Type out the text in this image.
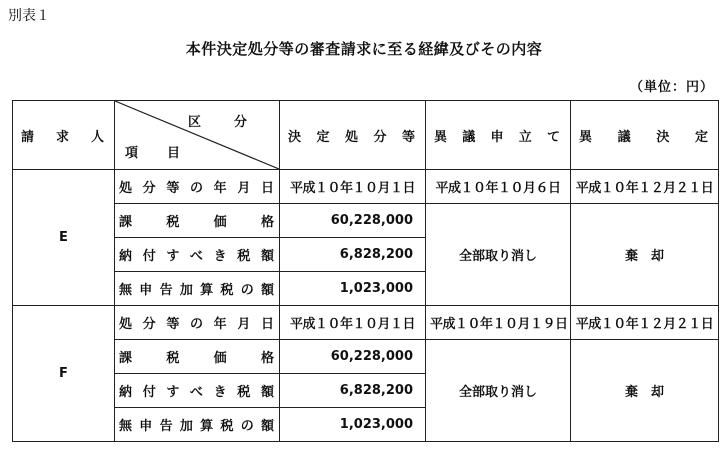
別表１
本件決定処分等の審査請求に至る経緯及びその内容
（単位：円）
請　求　人	区　分
項　目	決定処分等	異議申立て	異議決定
E	処分等の年月日	平成１０年１０月１日	平成１０年１０月６日	平成１０年１２月２１日
	課税価格	60,228,000	全部取り消し	棄　却
	納付すべき税額	6,828,200		
	無申告加算税の額	1,023,000		
F	処分等の年月日	平成１０年１０月１日	平成１０年１０月１９日	平成１０年１２月２１日
	課税価格	60,228,000	全部取り消し	棄　却
	納付すべき税額	6,828,200		
	無申告加算税の額	1,023,000		
